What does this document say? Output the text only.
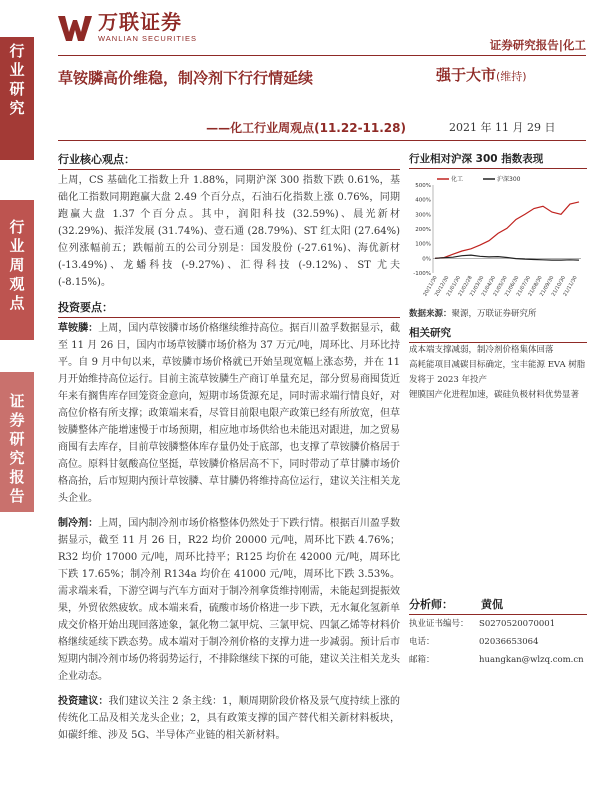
万联证券
WANLIAN SECURITIES	证券研究报告|化工
行
业
研
究
行
业
周
观
点
证
券
研
究
报
告
草铵膦高价维稳，制冷剂下行行情延续
——化工行业周观点(11.22-11.28)
强于大市(维持)
2021 年 11 月 29 日
行业核心观点：
上周，CS 基础化工指数上升 1.88%，同期沪深 300 指数下跌 0.61%，基础化工指数同期跑赢大盘 2.49 个百分点，石油石化指数上涨 0.76%，同期跑赢大盘 1.37 个百分点。其中，润阳科技 (32.59%)、晨光新材 (32.29%)、振洋发展 (31.74%)、壹石通 (28.79%)、ST 红太阳 (27.64%) 位列涨幅前五；跌幅前五的公司分别是：国发股份 (-27.61%)、海优新材 (-13.49%)、龙蟠科技 (-9.27%)、汇得科技 (-9.12%)、ST 尤夫 (-8.15%)。
投资要点：
草铵膦：上周，国内草铵膦市场价格继续维持高位。据百川盈孚数据显示，截至 11 月 26 日，国内市场草铵膦市场价格为 37 万元/吨，周环比、月环比持平。自 9 月中旬以来，草铵膦市场价格就已开始呈现宽幅上涨态势，并在 11 月开始维持高位运行。目前主流草铵膦生产商订单量充足，部分贸易商囤货近年来有搁售库存回笼资金意向，短期市场货源充足，同时需求端行情良好，对高位价格有所支撑；政策端来看，尽管目前限电限产政策已经有所放宽，但草铵膦整体产能增速慢于市场预期，相应地市场供给也未能迅对跟进，加之贸易商囤有去库存，目前草铵膦整体库存量仍处于底部，也支撑了草铵膦价格居于高位。原料甘氨酸高位坚挺，草铵膦价格居高不下，同时带动了草甘膦市场价格高抬，后市短期内预计草铵膦、草甘膦仍将维持高位运行，建议关注相关龙头企业。
制冷剂：上周，国内制冷剂市场价格整体仍然处于下跌行情。根据百川盈孚数据显示，截至 11 月 26 日，R22 均价 20000 元/吨，周环比下跌 4.76%；R32 均价 17000 元/吨，周环比持平；R125 均价在 42000 元/吨，周环比下跌 17.65%；制冷剂 R134a 均价在 41000 元/吨，周环比下跌 3.53%。需求端来看，下游空调与汽车方面对于制冷剂拿货维持刚需，未能起到提振效果，外贸依然疲软。成本端来看，硫酸市场价格进一步下跌，无水氟化氢新单成交价格开始出现回落迹象，氯化物二氯甲烷、三氯甲烷、四氯乙烯等材料价格继续延续下跌态势。成本端对于制冷剂价格的支撑力进一步减弱。预计后市短期内制冷剂市场仍将弱势运行，不排除继续下探的可能，建议关注相关龙头企业动态。
投资建议：我们建议关注 2 条主线：1，顺周期阶段价格及景气度持续上涨的传统化工品及相关龙头企业；2，具有政策支撑的国产替代相关新材料板块，如碳纤维、涉及 5G、半导体产业链的相关新材料。
行业相对沪深 300 指数表现
500%
400%
300%
200%
100%
0%
-100%
20/11/30
20/12/30
21/01/30
21/02/28
21/03/30
21/04/30
21/05/30
21/06/30
21/07/30
21/08/30
21/09/30
21/10/30
21/11/30
化工	沪深300
数据来源：聚源，万联证券研究所
相关研究
成本端支撑减弱，制冷剂价格集体回落
高耗能项目减碳目标确定，宝丰能源 EVA 树脂发将于 2023 年投产
锂膜国产化进程加速，碳硅负极材料优势显著
分析师：	黄侃
执业证书编号：	S0270520070001
电话：	02036653064
邮箱：	huangkan@wlzq.com.cn
